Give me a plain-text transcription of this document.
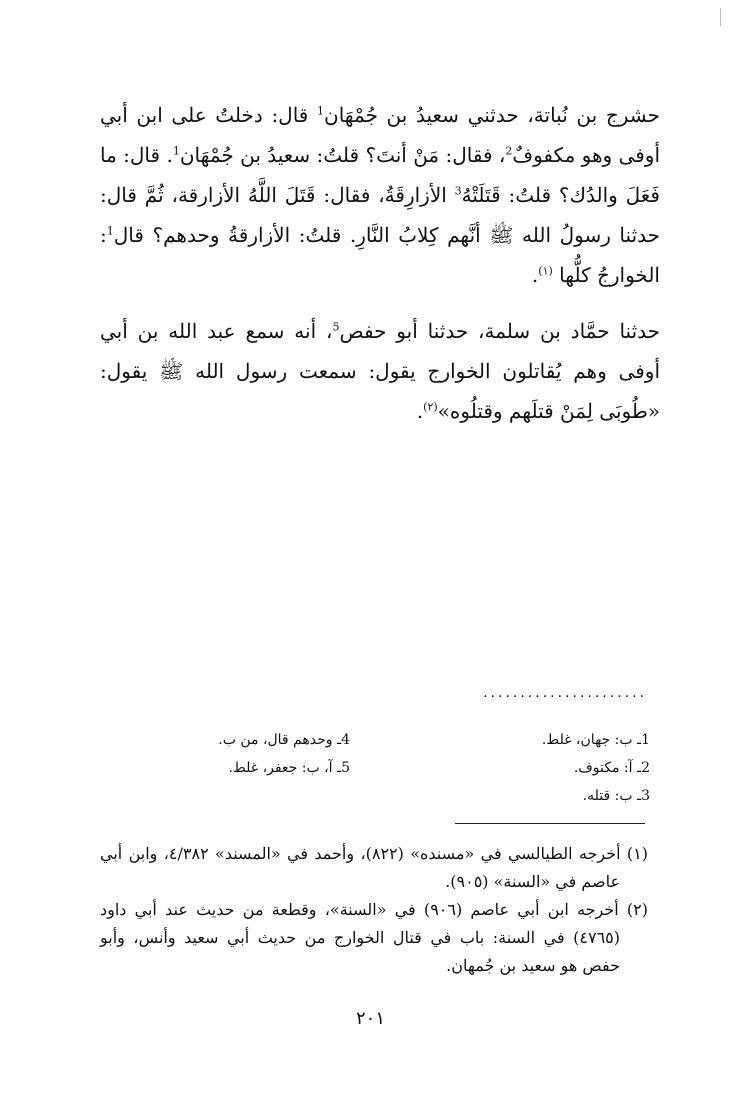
حشرج بن نُباتة، حدثني سعيدُ بن جُمْهَان$^1$ قال: دخلتُ على ابن أبي أوفى وهو مكفوفٌ$^2$، فقال: مَنْ أنتَ؟ قلتُ: سعيدُ بن جُمْهَان$^1$. قال: ما فَعَلَ والدُك؟ قلتُ: قَتَلَتْهُ$^3$ الأزارِقَةُ، فقال: قَتَلَ اللَّهُ الأزارقة، ثُمَّ قال: حدثنا رسولُ الله ﷺ أنَّهم كِلابُ النَّارِ. قلتُ: الأزارقةُ وحدهم؟ قال$^1$: الخوارجُ كلُّها $^{(١)}$.

حدثنا حمَّاد بن سلمة، حدثنا أبو حفص$^5$، أنه سمع عبد الله بن أبي أوفى وهم يُقاتلون الخوارج يقول: سمعت رسول الله ﷺ يقول: «طُوبَى لِمَنْ قتلَهم وقتلُوه»$^{(٢)}$.

......................
1ـ ب: جهان، غلط.
2ـ آ: مكتوف.
3ـ ب: قتله.
4ـ وحدهم قال، من ب.
5ـ آ، ب: جعفر، غلط.

(١) أخرجه الطيالسي في «مسنده» (٨٢٢)، وأحمد في «المسند» ٤/٣٨٢، وابن أبي عاصم في «السنة» (٩٠٥).

(٢) أخرجه ابن أبي عاصم (٩٠٦) في «السنة»، وقطعة من حديث عند أبي داود (٤٧٦٥) في السنة: باب في قتال الخوارج من حديث أبي سعيد وأنس، وأبو حفص هو سعيد بن جُمهان.

٢٠١
